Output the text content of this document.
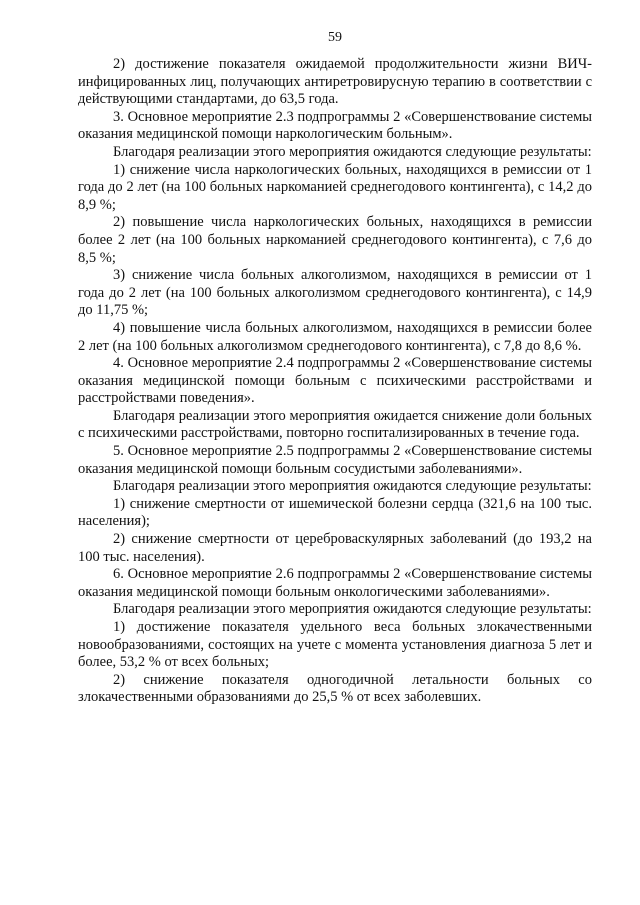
59

2) достижение показателя ожидаемой продолжительности жизни ВИЧ-инфицированных лиц, получающих антиретровирусную терапию в соответствии с действующими стандартами, до 63,5 года.

3. Основное мероприятие 2.3 подпрограммы 2 «Совершенствование системы оказания медицинской помощи наркологическим больным».

Благодаря реализации этого мероприятия ожидаются следующие результаты:

1) снижение числа наркологических больных, находящихся в ремиссии от 1 года до 2 лет (на 100 больных наркоманией среднегодового контингента), с 14,2 до 8,9 %;

2) повышение числа наркологических больных, находящихся в ремиссии более 2 лет (на 100 больных наркоманией среднегодового контингента), с 7,6 до 8,5 %;

3) снижение числа больных алкоголизмом, находящихся в ремиссии от 1 года до 2 лет (на 100 больных алкоголизмом среднегодового контингента), с 14,9 до 11,75 %;

4) повышение числа больных алкоголизмом, находящихся в ремиссии более 2 лет (на 100 больных алкоголизмом среднегодового контингента), с 7,8 до 8,6 %.

4. Основное мероприятие 2.4 подпрограммы 2 «Совершенствование системы оказания медицинской помощи больным с психическими расстройствами и расстройствами поведения».

Благодаря реализации этого мероприятия ожидается снижение доли больных с психическими расстройствами, повторно госпитализированных в течение года.

5. Основное мероприятие 2.5 подпрограммы 2 «Совершенствование системы оказания медицинской помощи больным сосудистыми заболеваниями».

Благодаря реализации этого мероприятия ожидаются следующие результаты:

1) снижение смертности от ишемической болезни сердца (321,6 на 100 тыс. населения);

2) снижение смертности от цереброваскулярных заболеваний (до 193,2 на 100 тыс. населения).

6. Основное мероприятие 2.6 подпрограммы 2 «Совершенствование системы оказания медицинской помощи больным онкологическими заболеваниями».

Благодаря реализации этого мероприятия ожидаются следующие результаты:

1) достижение показателя удельного веса больных злокачественными новообразованиями, состоящих на учете с момента установления диагноза 5 лет и более, 53,2 % от всех больных;

2) снижение показателя одногодичной летальности больных со злокачественными образованиями до 25,5 % от всех заболевших.
